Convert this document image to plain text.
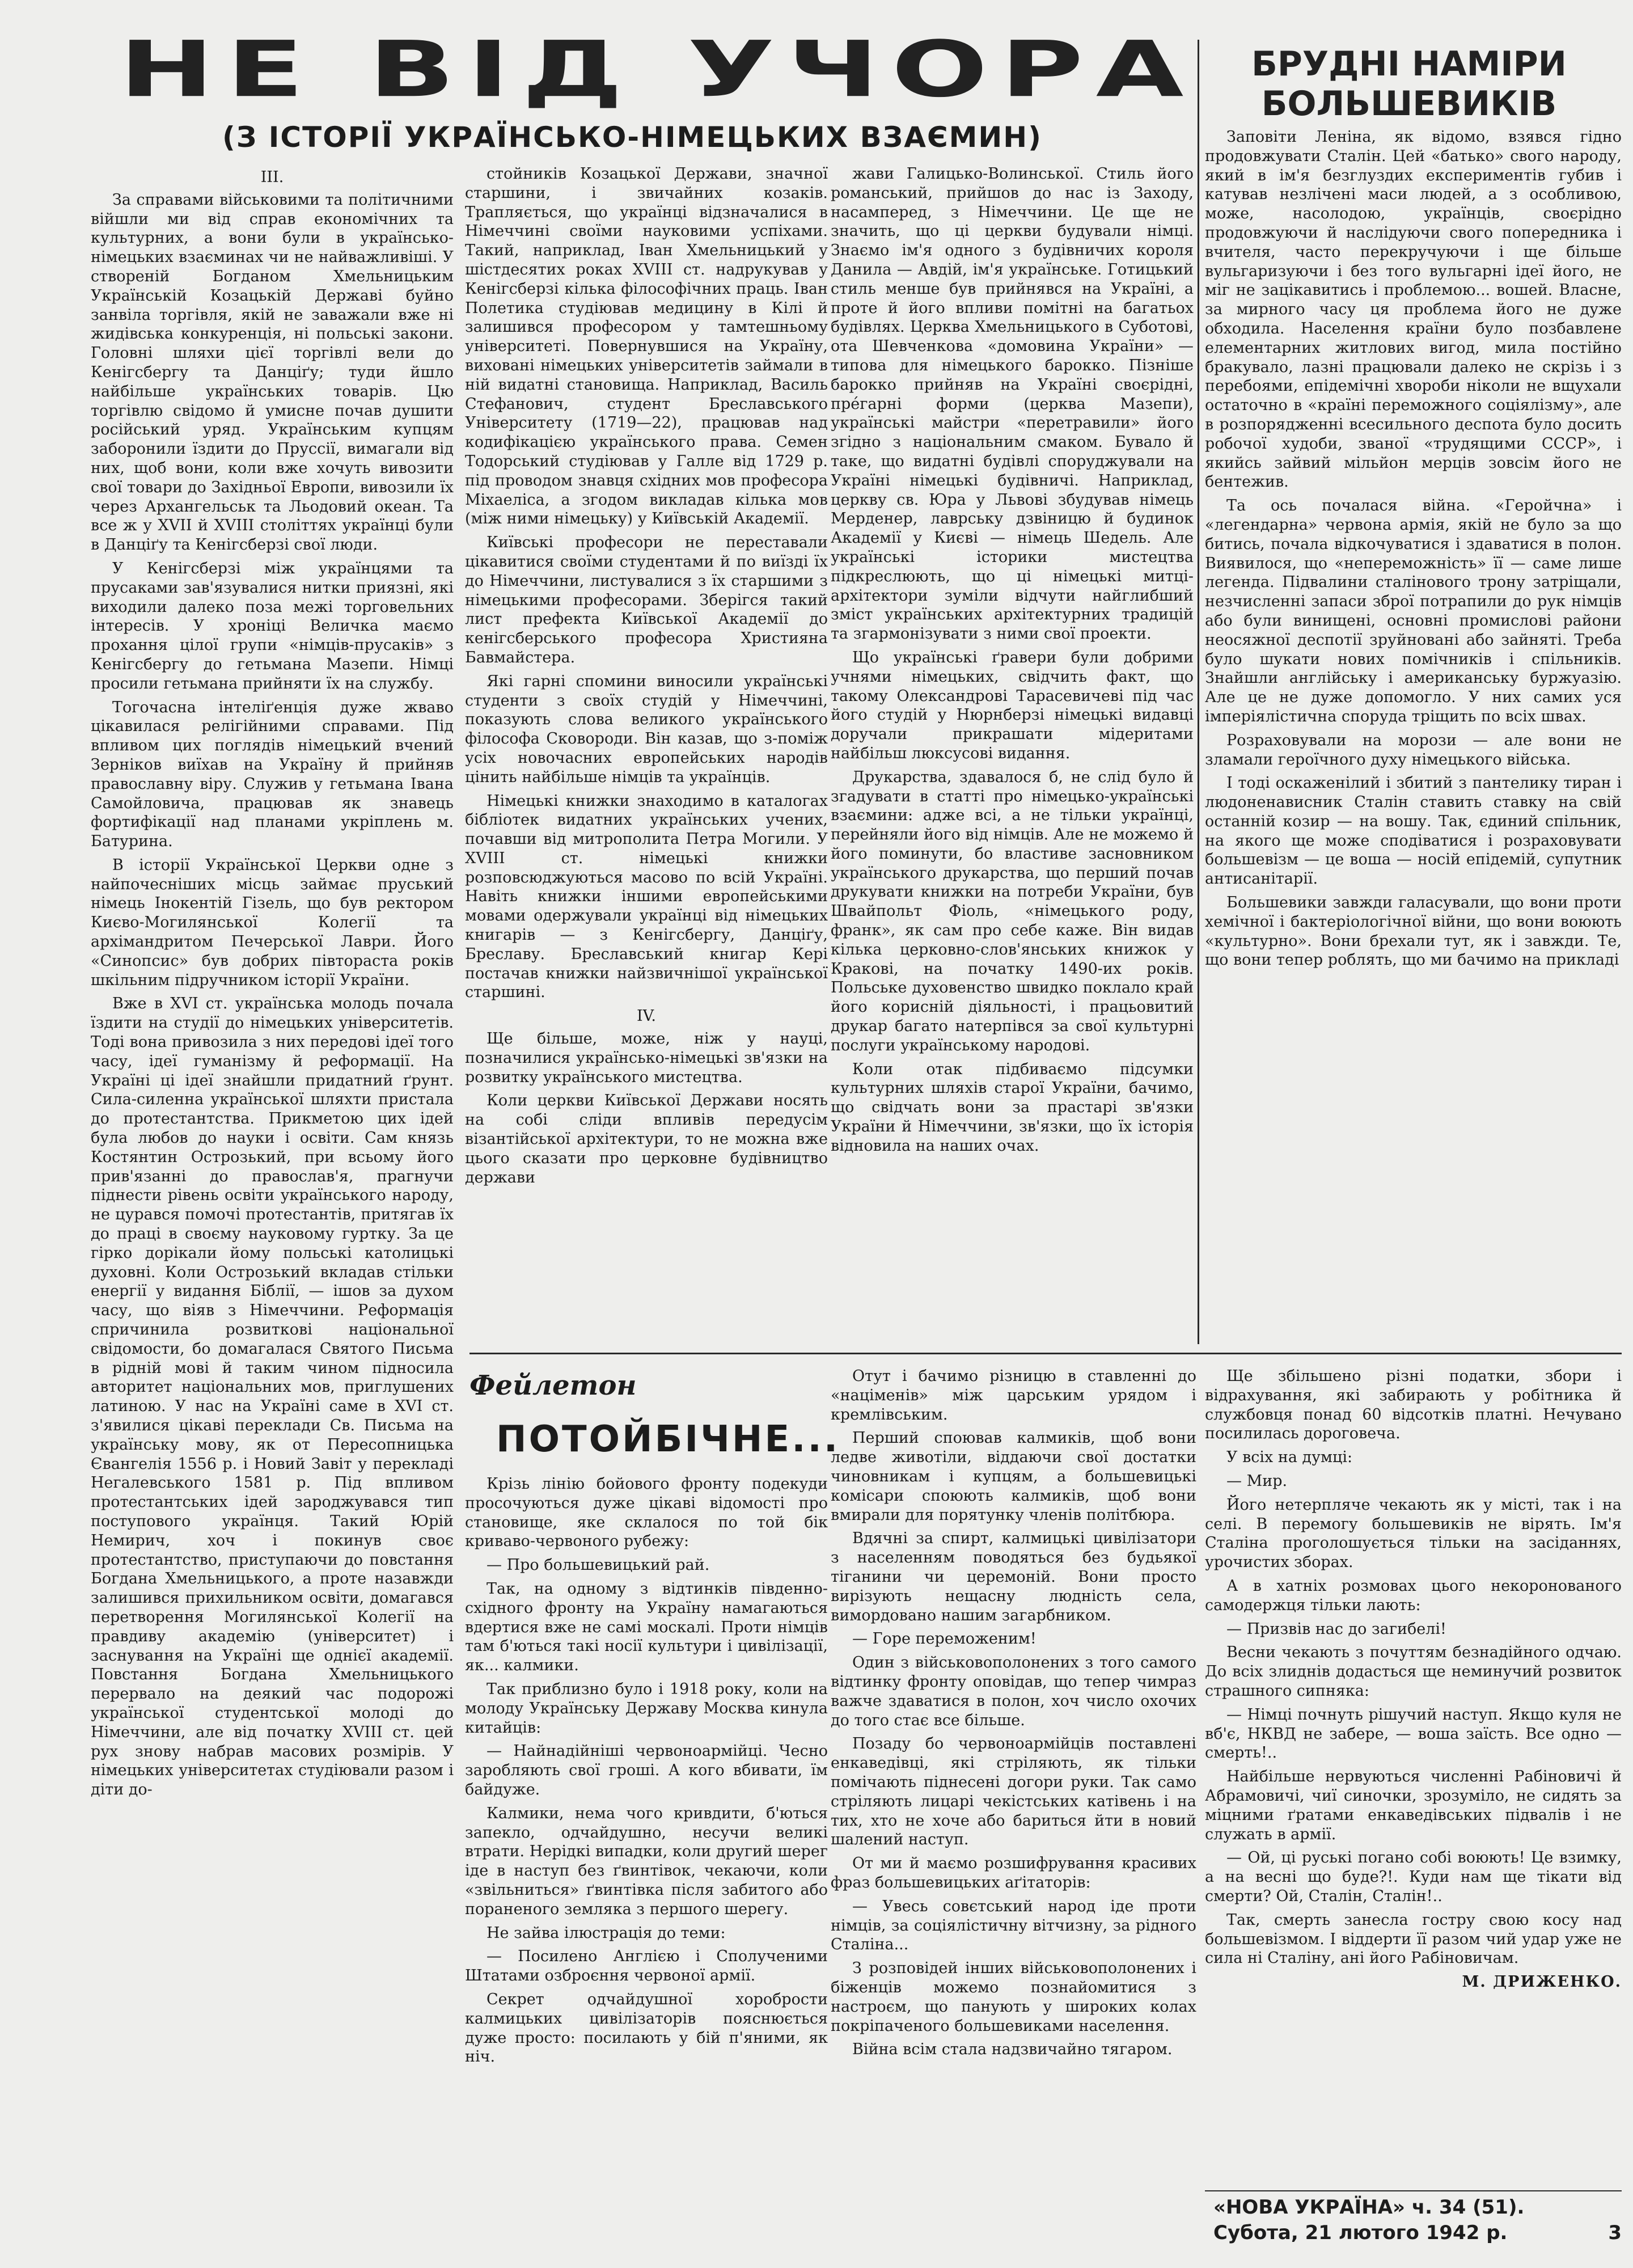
НЕ ВІД УЧОРА
(З ІСТОРІЇ УКРАЇНСЬКО-НІМЕЦЬКИХ ВЗАЄМИН)
БРУДНІ НАМІРИ БОЛЬШЕВИКІВ

III.

За справами військовими та політичними війшли ми від справ економічних та культурних, а вони були в українсько-німецьких взаєминах чи не найважливіші. У створеній Богданом Хмельницьким Українській Козацькій Державі буйно занвіла торгівля, якій не заважали вже ні жидівська конкуренція, ні польські закони. Головні шляхи цієї торгівлі вели до Кенігсбергу та Данціґу; туди йшло найбільше українських товарів. Цю торгівлю свідомо й умисне почав душити російський уряд. Українським купцям заборонили їздити до Пруссії, вимагали від них, щоб вони, коли вже хочуть вивозити свої товари до Західньої Европи, вивозили їх через Архангельськ та Льодовий океан. Та все ж у XVII й XVIII століттях українці були в Данціґу та Кенігсберзі свої люди.

У Кенігсберзі між українцями та прусаками зав'язувалися нитки приязні, які виходили далеко поза межі торговельних інтересів. У хроніці Величка маємо прохання цілої групи «німців-прусаків» з Кенігсбергу до гетьмана Мазепи. Німці просили гетьмана прийняти їх на службу.

Тогочасна інтеліґенція дуже жваво цікавилася релігійними справами. Під впливом цих поглядів німецький вчений Зерніков виїхав на Україну й прийняв православну віру. Служив у гетьмана Івана Самойловича, працював як знавець фортифікації над планами укріплень м. Батурина.

В історії Української Церкви одне з найпочесніших місць займає пруський німець Інокентій Гізель, що був ректором Києво-Могилянської Колегії та архімандритом Печерської Лаври. Його «Синопсис» був добрих півтораста років шкільним підручником історії України.

Вже в XVI ст. українська молодь почала їздити на студії до німецьких університетів. Тоді вона привозила з них передові ідеї того часу, ідеї гуманізму й реформації. На Україні ці ідеї знайшли придатний ґрунт. Сила-силенна української шляхти пристала до протестантства. Прикметою цих ідей була любов до науки і освіти. Сам князь Костянтин Острозький, при всьому його прив'язанні до православ'я, прагнучи піднести рівень освіти українського народу, не цурався помочі протестантів, притягав їх до праці в своєму науковому гуртку. За це гірко дорікали йому польські католицькі духовні. Коли Острозький вкладав стільки енергії у видання Біблії, — ішов за духом часу, що віяв з Німеччини. Реформація спричинила розвиткові національної свідомости, бо домагалася Святого Письма в рідній мові й таким чином підносила авторитет національних мов, приглушених латиною. У нас на Україні саме в XVI ст. з'явилися цікаві переклади Св. Письма на українську мову, як от Пересопницька Євангелія 1556 р. і Новий Завіт у перекладі Негалевського 1581 р. Під впливом протестантських ідей зароджувався тип поступового українця. Такий Юрій Немирич, хоч і покинув своє протестантство, приступаючи до повстання Богдана Хмельницького, а проте назавжди залишився прихильником освіти, домагався перетворення Могилянської Колегії на правдиву академію (університет) і заснування на Україні ще однієї академії. Повстання Богдана Хмельницького перервало на деякий час подорожі української студентської молоді до Німеччини, але від початку XVIII ст. цей рух знову набрав масових розмірів. У німецьких університетах студіювали разом і діти до-

стойників Козацької Держави, значної старшини, і звичайних козаків. Трапляється, що українці відзначалися в Німеччині своїми науковими успіхами. Такий, наприклад, Іван Хмельницький у шістдесятих роках XVIII ст. надрукував у Кенігсберзі кілька філософічних праць. Іван Полетика студіював медицину в Кілі й залишився професором у тамтешньому університеті. Повернувшися на Україну, виховані німецьких університетів займали в ній видатні становища. Наприклад, Василь Стефанович, студент Бреславського Університету (1719—22), працював над кодифікацією українського права. Семен Тодорський студіював у Галле від 1729 р. під проводом знавця східних мов професора Міхаеліса, а згодом викладав кілька мов (між ними німецьку) у Київській Академії.

Київські професори не переставали цікавитися своїми студентами й по виїзді їх до Німеччини, листувалися з їх старшими з німецькими професорами. Зберігся такий лист префекта Київської Академії до кенігсберського професора Християна Бавмайстера.

Які гарні спомини виносили українські студенти з своїх студій у Німеччині, показують слова великого українського філософа Сковороди. Він казав, що з-поміж усіх новочасних европейських народів цінить найбільше німців та українців.

Німецькі книжки знаходимо в каталогах бібліотек видатних українських учених, почавши від митрополита Петра Могили. У XVIII ст. німецькі книжки розповсюджуються масово по всій Україні. Навіть книжки іншими европейськими мовами одержували українці від німецьких книгарів — з Кенігсбергу, Данціґу, Бреславу. Бреславський книгар Кері постачав книжки найзвичнішої української старшині.

IV.

Ще більше, може, ніж у науці, позначилися українсько-німецькі зв'язки на розвитку українського мистецтва.

Коли церкви Київської Держави носять на собі сліди впливів передусім візантійської архітектури, то не можна вже цього сказати про церковне будівництво держави

жави Галицько-Волинської. Стиль його романський, прийшов до нас із Заходу, насамперед, з Німеччини. Це ще не значить, що ці церкви будували німці. Знаємо ім'я одного з будівничих короля Данила — Авдій, ім'я українське. Готицький стиль менше був прийнявся на Україні, а проте й його впливи помітні на багатьох будівлях. Церква Хмельницького в Суботові, ота Шевченкова «домовина України» — типова для німецького барокко. Пізніше барокко прийняв на Україні своєрідні, пре́гарні форми (церква Мазепи), українські майстри «перетравили» його згідно з національним смаком. Бувало й таке, що видатні будівлі споруджували на Україні німецькі будівничі. Наприклад, церкву св. Юра у Львові збудував німець Мерденер, лаврську дзвіницю й будинок Академії у Києві — німець Шедель. Але українські історики мистецтва підкреслюють, що ці німецькі митці-архітектори зуміли відчути найглибший зміст українських архітектурних традицій та згармонізувати з ними свої проекти.

Що українські ґравери були добрими учнями німецьких, свідчить факт, що такому Олександрові Тарасевичеві під час його студій у Нюрнберзі німецькі видавці доручали прикрашати мідеритами найбільш люксусові видання.

Друкарства, здавалося б, не слід було й згадувати в статті про німецько-українські взаємини: адже всі, а не тільки українці, перейняли його від німців. Але не можемо й його поминути, бо властиве засновником українського друкарства, що перший почав друкувати книжки на потреби України, був Швайпольт Фіоль, «німецького роду, франк», як сам про себе каже. Він видав кілька церковно-слов'янських книжок у Кракові, на початку 1490-их років. Польське духовенство швидко поклало край його корисній діяльності, і працьовитий друкар багато натерпівся за свої культурні послуги українському народові.

Коли отак підбиваємо підсумки культурних шляхів старої України, бачимо, що свідчать вони за прастарі зв'язки України й Німеччини, зв'язки, що їх історія відновила на наших очах.

Заповіти Леніна, як відомо, взявся гідно продовжувати Сталін. Цей «батько» свого народу, який в ім'я безглуздих експериментів губив і катував незлічені маси людей, а з особливою, може, насолодою, українців, своєрідно продовжуючи й наслідуючи свого попередника і вчителя, часто перекручуючи і ще більше вульгаризуючи і без того вульгарні ідеї його, не міг не зацікавитись і проблемою... вошей. Власне, за мирного часу ця проблема його не дуже обходила. Населення країни було позбавлене елементарних житлових вигод, мила постійно бракувало, лазні працювали далеко не скрізь і з перебоями, епідемічні хвороби ніколи не вщухали остаточно в «країні переможного соціялізму», але в розпорядженні всесильного деспота було досить робочої худоби, званої «трудящими СССР», і якийсь зайвий мільйон мерців зовсім його не бентежив.

Та ось почалася війна. «Геройчна» і «легендарна» червона армія, якій не було за що битись, почала відкочуватися і здаватися в полон. Виявилося, що «непереможність» її — саме лише легенда. Підвалини сталінового трону затріщали, незчисленні запаси зброї потрапили до рук німців або були винищені, основні промислові райони неосяжної деспотії зруйновані або зайняті. Треба було шукати нових помічників і спільників. Знайшли англійську і американську буржуазію. Але це не дуже допомогло. У них самих уся імперіялістична споруда тріщить по всіх швах.

Розраховували на морози — але вони не зламали героїчного духу німецького війська.

І тоді оскаженілий і збитий з пантелику тиран і людоненависник Сталін ставить ставку на свій останній козир — на вошу. Так, єдиний спільник, на якого ще може сподіватися і розраховувати большевізм — це воша — носій епідемій, супутник антисанітарії.

Большевики завжди галасували, що вони проти хемічної і бактеріологічної війни, що вони воюють «культурно». Вони брехали тут, як і завжди. Те, що вони тепер роблять, що ми бачимо на прикладі

Фейлетон
ПОТОЙБІЧНЕ...

Крізь лінію бойового фронту подекуди просочуються дуже цікаві відомості про становище, яке склалося по той бік криваво-червоного рубежу:

— Про большевицький рай.

Так, на одному з відтинків південно-східного фронту на Україну намагаються вдертися вже не самі москалі. Проти німців там б'ються такі носії культури і цивілізації, як... калмики.

Так приблизно було і 1918 року, коли на молоду Українську Державу Москва кинула китайців:

— Найнадійніші червоноармійці. Чесно заробляють свої гроші. А кого вбивати, їм байдуже.

Калмики, нема чого кривдити, б'ються запекло, одчайдушно, несучи великі втрати. Нерідкі випадки, коли другий шерег іде в наступ без ґвинтівок, чекаючи, коли «звільниться» ґвинтівка після забитого або пораненого земляка з першого шерегу.

Не зайва ілюстрація до теми:

— Посилено Англією і Сполученими Штатами озброєння червоної армії.

Секрет одчайдушної хоробрости калмицьких цивілізаторів пояснюється дуже просто: посилають у бій п'яними, як ніч.

Отут і бачимо різницю в ставленні до «націменів» між царським урядом і кремлівським.

Перший споював калмиків, щоб вони ледве животіли, віддаючи свої достатки чиновникам і купцям, а большевицькі комісари споюють калмиків, щоб вони вмирали для порятунку членів політбюра.

Вдячні за спирт, калмицькі цивілізатори з населенням поводяться без будьякої тіганини чи церемоній. Вони просто вирізують нещасну людність села, вимордовано нашим загарбником.

— Горе переможеним!

Один з військовополонених з того самого відтинку фронту оповідав, що тепер чимраз важче здаватися в полон, хоч число охочих до того стає все більше.

Позаду бо червоноармійців поставлені енкаведівці, які стріляють, як тільки помічають піднесені догори руки. Так само стріляють лицарі чекістських катівень і на тих, хто не хоче або бариться йти в новий шалений наступ.

От ми й маємо розшифрування красивих фраз большевицьких аґітаторів:

— Увесь совєтський народ іде проти німців, за соціялістичну вітчизну, за рідного Сталіна...

З розповідей інших військовополонених і біженців можемо познайомитися з настроєм, що панують у широких колах покріпаченого большевиками населення.

Війна всім стала надзвичайно тягаром.

Ще збільшено різні податки, збори і відрахування, які забирають у робітника й службовця понад 60 відсотків платні. Нечувано посилилась дороговеча.

У всіх на думці:

— Мир.

Його нетерпляче чекають як у місті, так і на селі. В перемогу большевиків не вірять. Ім'я Сталіна проголошується тільки на засіданнях, урочистих зборах.

А в хатніх розмовах цього некоронованого самодержця тільки лають:

— Призвів нас до загибелі!

Весни чекають з почуттям безнадійного одчаю. До всіх злиднів додасться ще неминучий розвиток страшного сипняка:

— Німці почнуть рішучий наступ. Якщо куля не вб'є, НКВД не забере, — воша заїсть. Все одно — смерть!..

Найбільше нервуються численні Рабіновичі й Абрамовичі, чиї синочки, зрозуміло, не сидять за міцними ґратами енкаведівських підвалів і не служать в армії.

— Ой, ці руські погано собі воюють! Це взимку, а на весні що буде?!. Куди нам ще тікати від смерти? Ой, Сталін, Сталін!..

Так, смерть занесла гостру свою косу над большевізмом. І віддерти її разом чий удар уже не сила ні Сталіну, ані його Рабіновичам.

М. ДРИЖЕНКО.

«НОВА УКРАЇНА» ч. 34 (51).
Субота, 21 лютого 1942 р.	3
